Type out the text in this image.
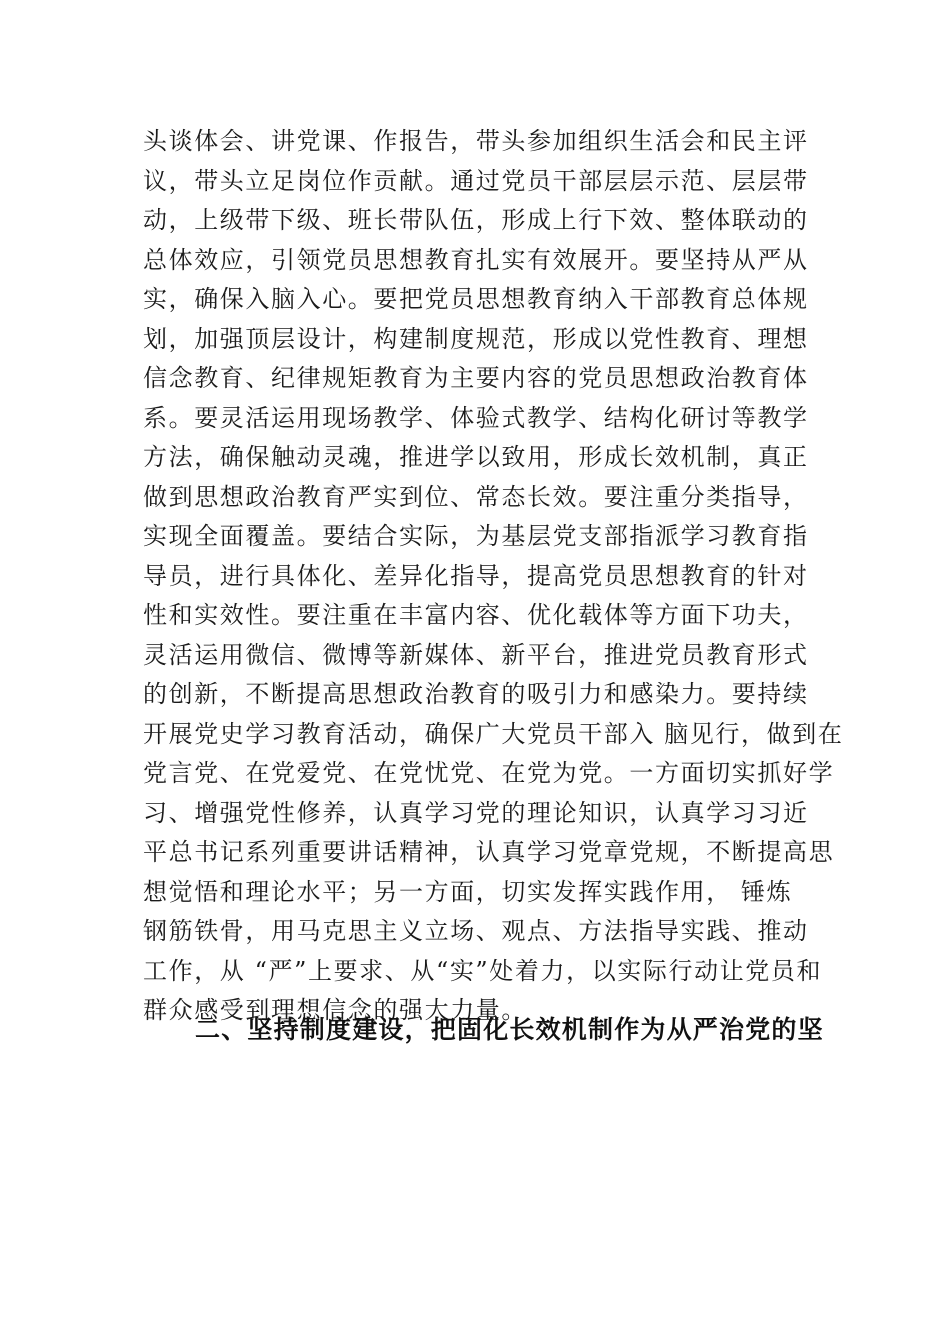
头谈体会、讲党课、作报告，带头参加组织生活会和民主评
议，带头立足岗位作贡献。通过党员干部层层示范、层层带
动，上级带下级、班长带队伍，形成上行下效、整体联动的
总体效应，引领党员思想教育扎实有效展开。要坚持从严从
实，确保入脑入心。要把党员思想教育纳入干部教育总体规
划，加强顶层设计，构建制度规范，形成以党性教育、理想
信念教育、纪律规矩教育为主要内容的党员思想政治教育体
系。要灵活运用现场教学、体验式教学、结构化研讨等教学
方法，确保触动灵魂，推进学以致用，形成长效机制，真正
做到思想政治教育严实到位、常态长效。要注重分类指导，
实现全面覆盖。要结合实际，为基层党支部指派学习教育指
导员，进行具体化、差异化指导，提高党员思想教育的针对
性和实效性。要注重在丰富内容、优化载体等方面下功夫，
灵活运用微信、微博等新媒体、新平台，推进党员教育形式
的创新，不断提高思想政治教育的吸引力和感染力。要持续
开展党史学习教育活动，确保广大党员干部入 脑见行，做到在
党言党、在党爱党、在党忧党、在党为党。一方面切实抓好学
习、增强党性修养，认真学习党的理论知识，认真学习习近
平总书记系列重要讲话精神，认真学习党章党规，不断提高思
想觉悟和理论水平；另一方面，切实发挥实践作用， 锤炼
钢筋铁骨，用马克思主义立场、观点、方法指导实践、推动
工作，从 “严”上要求、从“实”处着力，以实际行动让党员和
群众感受到理想信念的强大力量。
二、坚持制度建设，把固化长效机制作为从严治党的坚
